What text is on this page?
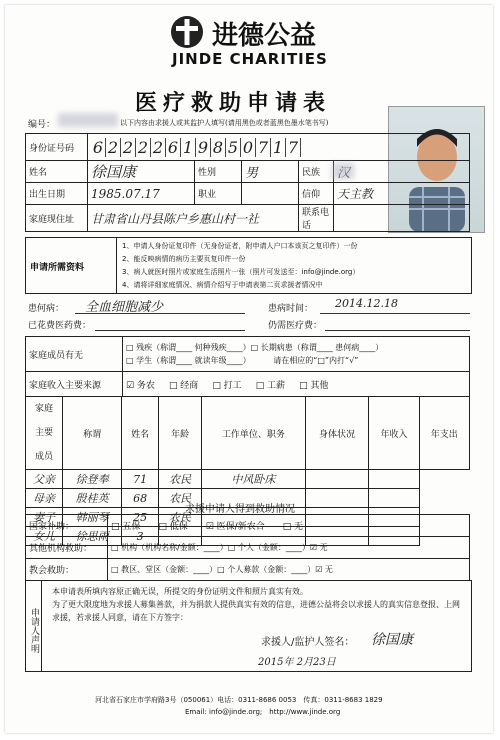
进德公益
JINDE CHARITIES
医疗救助申请表
编号：	以下内容由求援人或其监护人填写(请用黑色或者蓝黑色墨水笔书写)
身份证号码	6 2 2 2 2 6 1 9 8 5 0 7 1 7				
姓名	徐国康	性别	男	民族	
出生日期	1985.07.17	职业		信仰	天主教
家庭现住址	甘肃省山丹县陈户乡惠山村一社			联系电话	
申请所需资料
1、申请人身份证复印件（无身份证者，附申请人户口本该页之复印件）一份
2、能反映病情的病历主要页复印件一份
3、病人就医时照片或家庭生活照片一张（照片可发送至：info@jinde.org）
4、请将详细家庭情况、病情介绍写于申请表第二页求援者情况中
患何病： 全血细胞减少	患病时间： 2014.12.18
已花费医药费：	仍需医疗费：
家庭成员有无	□ 残疾（称谓____ 何种残疾____）□ 长期病患（称谓____ 患何病____）
□ 学生（称谓____ 就读年级____） 请在相应的“□”内打“√”

家庭收入主要来源	☑ 务农 □ 经商 □ 打工 □ 工薪 □ 其他
家庭
主要
成员	称谓	姓名	年龄	工作单位、职务	身体状况	年收入	年支出
父亲	徐登奉	71	农民	中风卧床			
母亲	殷桂英	68	农民				
妻子	韩丽琴	25	农民				
女儿	徐思雨	3					
求援申请人得到救助情况
国家补助：	□ 五保　　□ 低保　　☑ 医保/新农合　　□ 无
其他机构救助：	□ 机构（机构名称/金额：____）□ 个人（金额：____）☑ 无
教会救助：	□ 教区、堂区（金额：____）□ 个人募款（金额：____）☑ 无
申请人声明
本申请表所填内容原正确无误，所提交的身份证明文件和照片真实有效。
为了更大限度地为求援人募集善款，并为捐款人提供真实有效的信息，进德公益将会以求援人的真实信息登报、上网求援，若求援人同意，请在下方签字：
求援人/监护人签名： 徐国康
2015年 2月23日
河北省石家庄市学府路3号（050061）电话：0311-8686 0053　传真：0311-8683 1829
Email: info@jinde.org;　http://www.jinde.org
